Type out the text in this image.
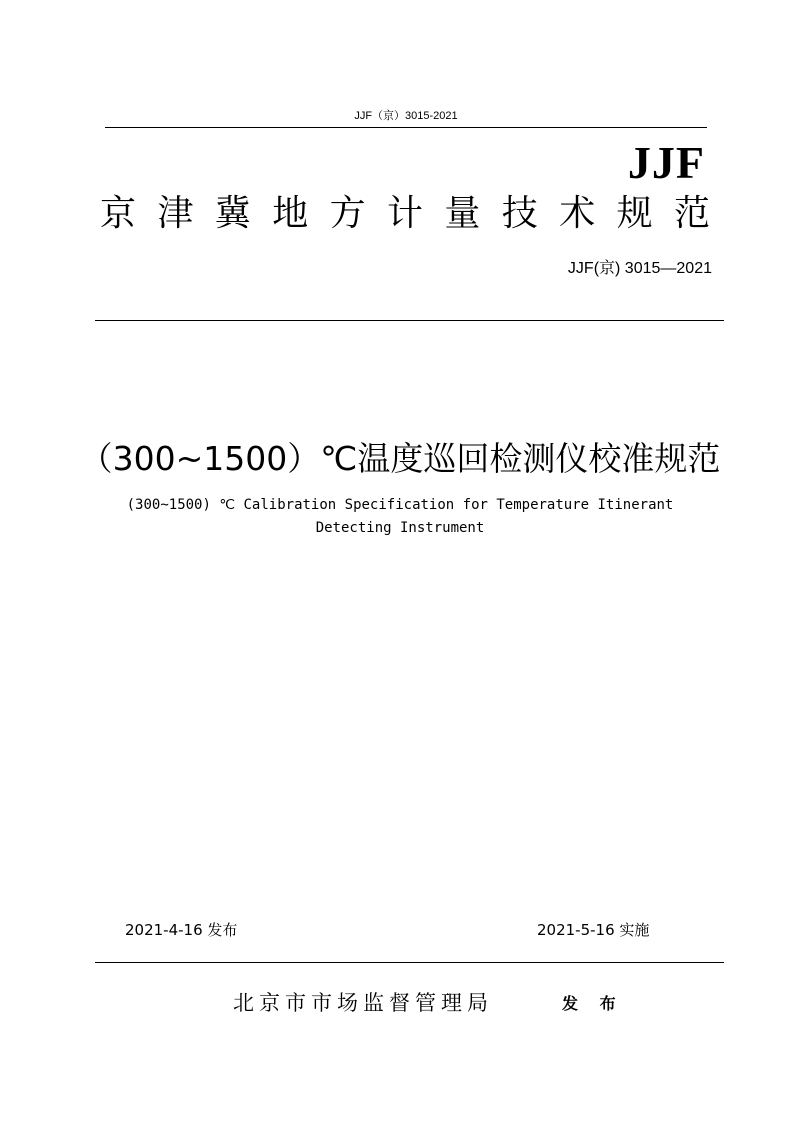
JJF（京）3015-2021
JJF
京 津 冀 地 方 计 量 技 术 规 范
JJF(京) 3015—2021
（300~1500）℃温度巡回检测仪校准规范
(300~1500) ℃ Calibration Specification for Temperature Itinerant
Detecting Instrument
2021-4-16 发布	2021-5-16 实施
北京市市场监督管理局	发 布
